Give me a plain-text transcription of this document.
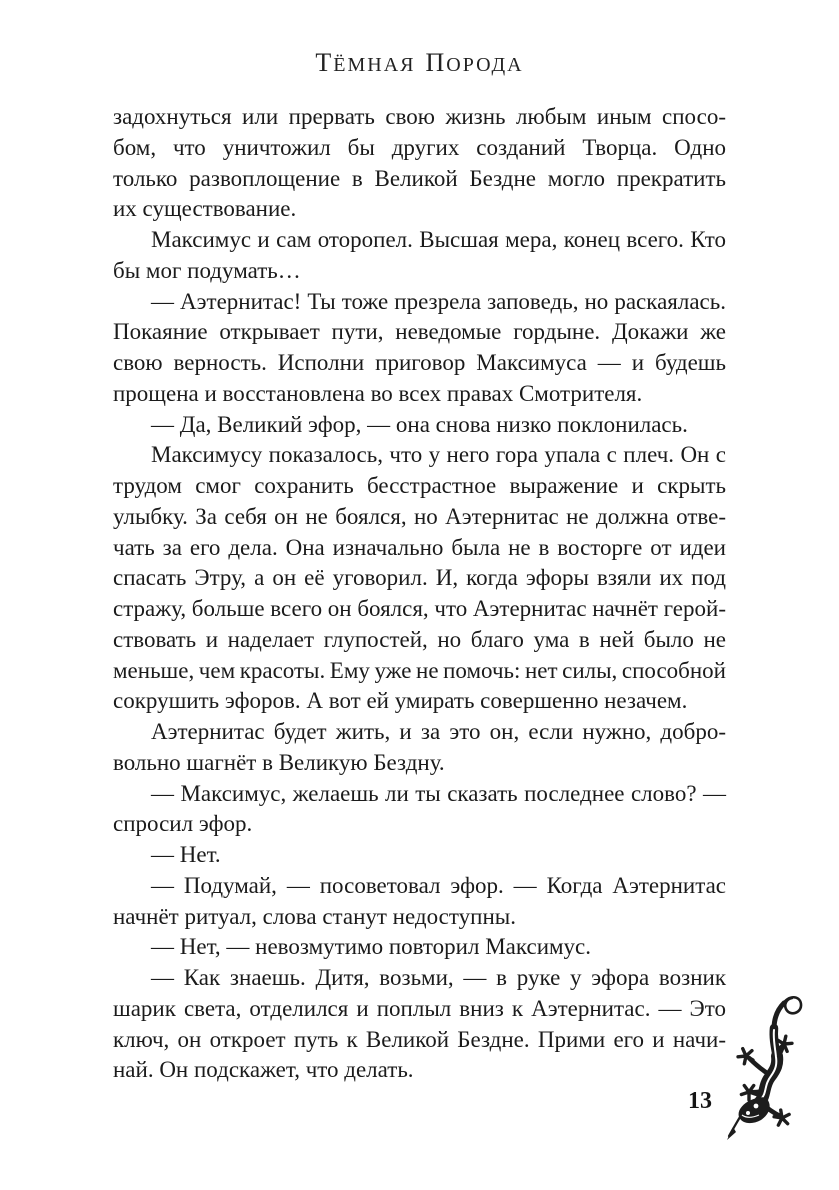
ТЁМНАЯ ПОРОДА
задохнуться или прервать свою жизнь любым иным спосо-
бом, что уничтожил бы других созданий Творца. Одно
только развоплощение в Великой Бездне могло прекратить
их существование.
Максимус и сам оторопел. Высшая мера, конец всего. Кто
бы мог подумать…
— Аэтернитас! Ты тоже презрела заповедь, но раскаялась.
Покаяние открывает пути, неведомые гордыне. Докажи же
свою верность. Исполни приговор Максимуса — и будешь
прощена и восстановлена во всех правах Смотрителя.
— Да, Великий эфор, — она снова низко поклонилась.
Максимусу показалось, что у него гора упала с плеч. Он с
трудом смог сохранить бесстрастное выражение и скрыть
улыбку. За себя он не боялся, но Аэтернитас не должна отве-
чать за его дела. Она изначально была не в восторге от идеи
спасать Этру, а он её уговорил. И, когда эфоры взяли их под
стражу, больше всего он боялся, что Аэтернитас начнёт герой-
ствовать и наделает глупостей, но благо ума в ней было не
меньше, чем красоты. Ему уже не помочь: нет силы, способной
сокрушить эфоров. А вот ей умирать совершенно незачем.
Аэтернитас будет жить, и за это он, если нужно, добро-
вольно шагнёт в Великую Бездну.
— Максимус, желаешь ли ты сказать последнее слово? —
спросил эфор.
— Нет.
— Подумай, — посоветовал эфор. — Когда Аэтернитас
начнёт ритуал, слова станут недоступны.
— Нет, — невозмутимо повторил Максимус.
— Как знаешь. Дитя, возьми, — в руке у эфора возник
шарик света, отделился и поплыл вниз к Аэтернитас. — Это
ключ, он откроет путь к Великой Бездне. Прими его и начи-
най. Он подскажет, что делать.
13
